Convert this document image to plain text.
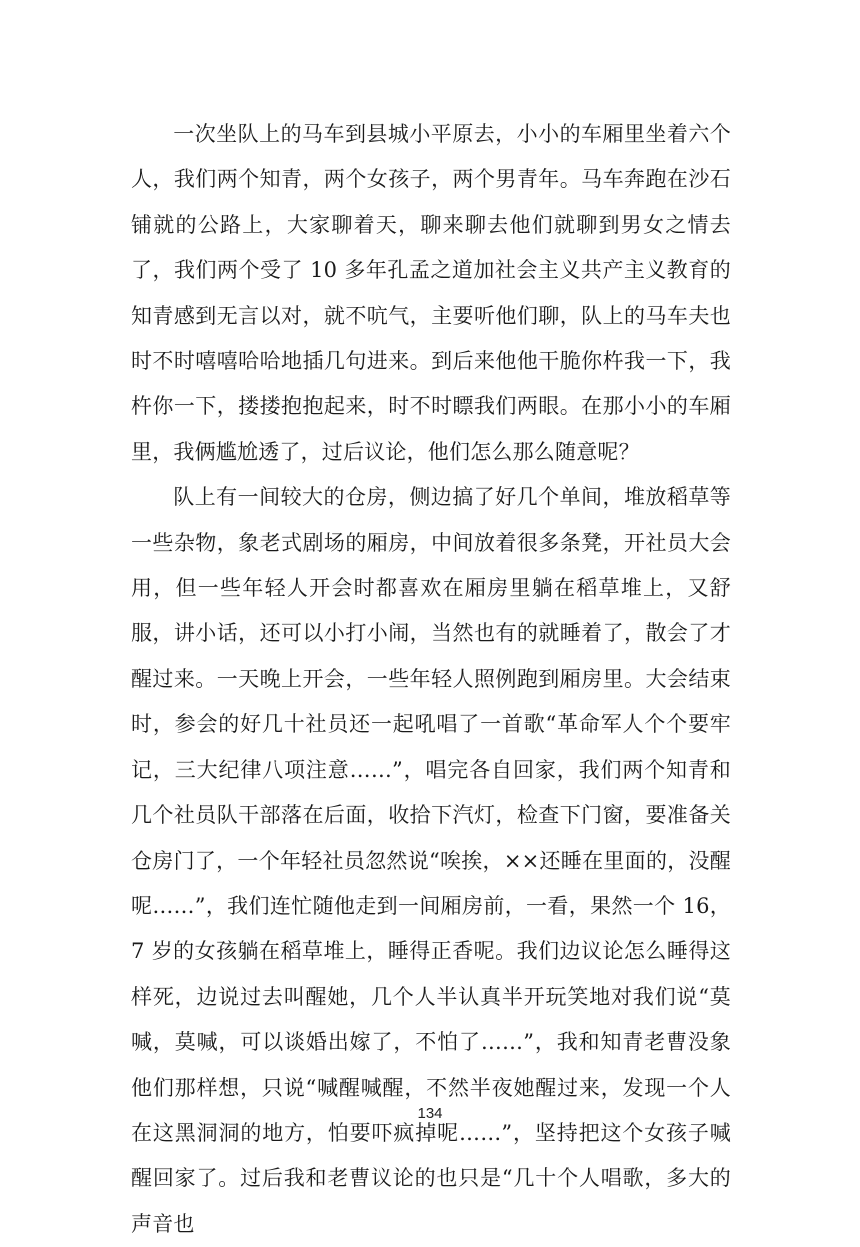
一次坐队上的马车到县城小平原去，小小的车厢里坐着六个人，我们两个知青，两个女孩子，两个男青年。马车奔跑在沙石铺就的公路上，大家聊着天，聊来聊去他们就聊到男女之情去了，我们两个受了 10 多年孔孟之道加社会主义共产主义教育的知青感到无言以对，就不吭气，主要听他们聊，队上的马车夫也时不时嘻嘻哈哈地插几句进来。到后来他他干脆你杵我一下，我杵你一下，搂搂抱抱起来，时不时瞟我们两眼。在那小小的车厢里，我俩尴尬透了，过后议论，他们怎么那么随意呢？

队上有一间较大的仓房，侧边搞了好几个单间，堆放稻草等一些杂物，象老式剧场的厢房，中间放着很多条凳，开社员大会用，但一些年轻人开会时都喜欢在厢房里躺在稻草堆上，又舒服，讲小话，还可以小打小闹，当然也有的就睡着了，散会了才醒过来。一天晚上开会，一些年轻人照例跑到厢房里。大会结束时，参会的好几十社员还一起吼唱了一首歌“革命军人个个要牢记，三大纪律八项注意……”，唱完各自回家，我们两个知青和几个社员队干部落在后面，收拾下汽灯，检查下门窗，要准备关仓房门了，一个年轻社员忽然说“唉挨，××还睡在里面的，没醒呢……”，我们连忙随他走到一间厢房前，一看，果然一个 16，7 岁的女孩躺在稻草堆上，睡得正香呢。我们边议论怎么睡得这样死，边说过去叫醒她，几个人半认真半开玩笑地对我们说“莫喊，莫喊，可以谈婚出嫁了，不怕了……”，我和知青老曹没象他们那样想，只说“喊醒喊醒，不然半夜她醒过来，发现一个人在这黑洞洞的地方，怕要吓疯掉呢……”，坚持把这个女孩子喊醒回家了。过后我和老曹议论的也只是“几十个人唱歌，多大的声音也

134
